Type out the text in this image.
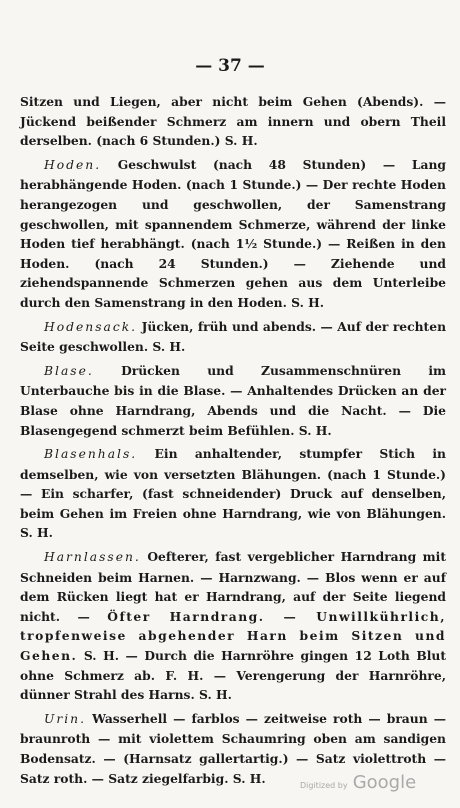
— 37 —

Sitzen und Liegen, aber nicht beim Gehen (Abends). — Jückend beißender Schmerz am innern und obern Theil derselben. (nach 6 Stunden.) S. H.

Hoden. Geschwulst (nach 48 Stunden) — Lang herabhängende Hoden. (nach 1 Stunde.) — Der rechte Hoden herangezogen und geschwollen, der Samenstrang geschwollen, mit spannendem Schmerze, während der linke Hoden tief herabhängt. (nach 1½ Stunde.) — Reißen in den Hoden. (nach 24 Stunden.) — Ziehende und ziehendspannende Schmerzen gehen aus dem Unterleibe durch den Samenstrang in den Hoden. S. H.

Hodensack. Jücken, früh und abends. — Auf der rechten Seite geschwollen. S. H.

Blase. Drücken und Zusammenschnüren im Unterbauche bis in die Blase. — Anhaltendes Drücken an der Blase ohne Harndrang, Abends und die Nacht. — Die Blasengegend schmerzt beim Befühlen. S. H.

Blasenhals. Ein anhaltender, stumpfer Stich in demselben, wie von versetzten Blähungen. (nach 1 Stunde.) — Ein scharfer, (fast schneidender) Druck auf denselben, beim Gehen im Freien ohne Harndrang, wie von Blähungen. S. H.

Harnlassen. Oefterer, fast vergeblicher Harndrang mit Schneiden beim Harnen. — Harnzwang. — Blos wenn er auf dem Rücken liegt hat er Harndrang, auf der Seite liegend nicht. — Öfter Harndrang. — Unwillkührlich, tropfenweise abgehender Harn beim Sitzen und Gehen. S. H. — Durch die Harnröhre gingen 12 Loth Blut ohne Schmerz ab. F. H. — Verengerung der Harnröhre, dünner Strahl des Harns. S. H.

Urin. Wasserhell — farblos — zeitweise roth — braun — braunroth — mit violettem Schaumring oben am sandigen Bodensatz. — (Harnsatz gallertartig.) — Satz violettroth — Satz roth. — Satz ziegelfarbig. S. H.	Digitized by Google
